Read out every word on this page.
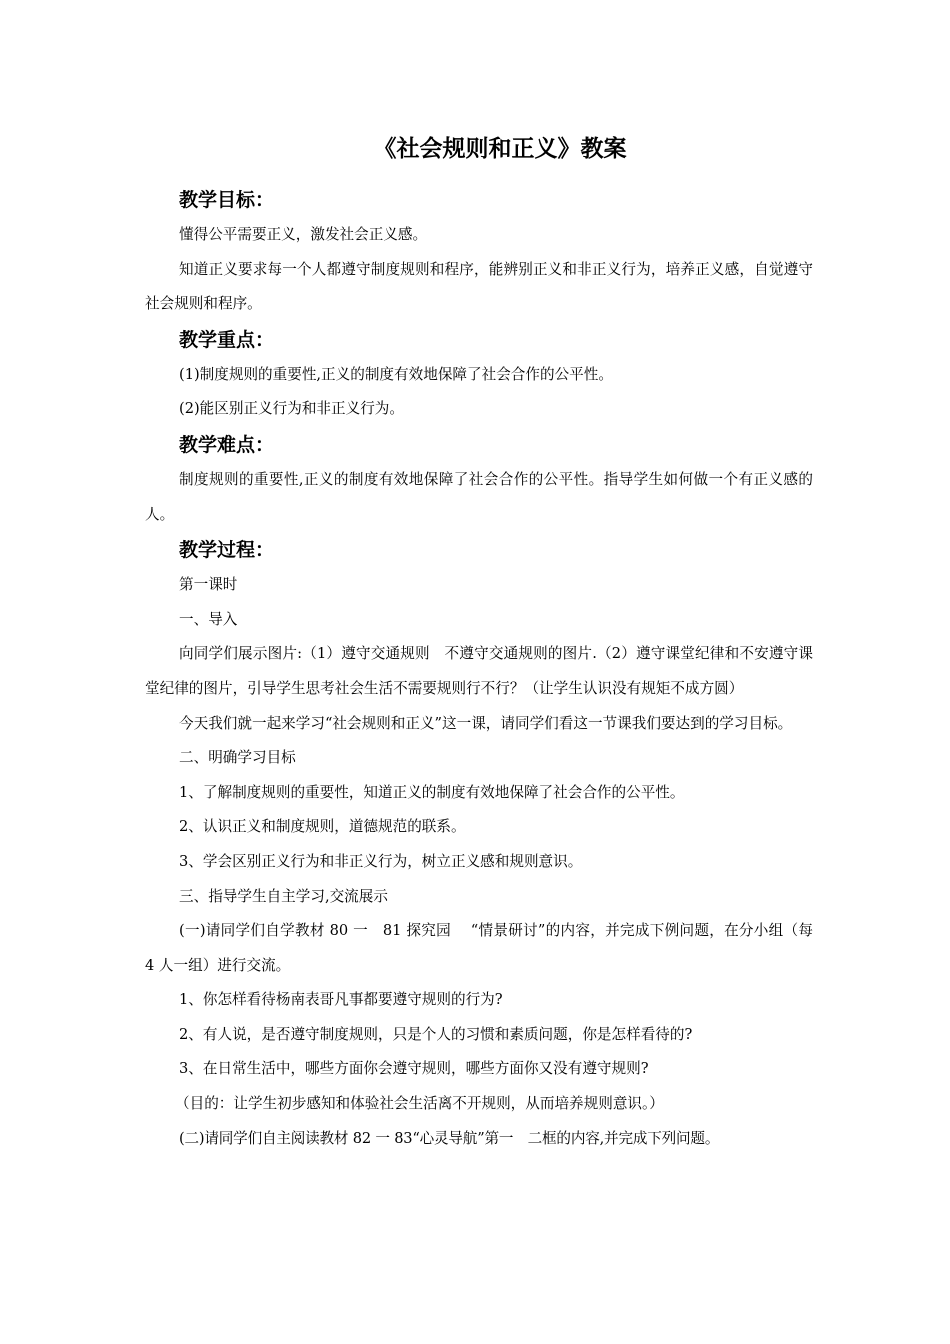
《社会规则和正义》教案
教学目标：

懂得公平需要正义，激发社会正义感。

知道正义要求每一个人都遵守制度规则和程序，能辨别正义和非正义行为，培养正义感，自觉遵守社会规则和程序。

教学重点：

(1)制度规则的重要性,正义的制度有效地保障了社会合作的公平性。

(2)能区别正义行为和非正义行为。

教学难点：

制度规则的重要性,正义的制度有效地保障了社会合作的公平性。指导学生如何做一个有正义感的人。

教学过程：

第一课时

一、导入

向同学们展示图片:（1）遵守交通规则　不遵守交通规则的图片.（2）遵守课堂纪律和不安遵守课堂纪律的图片，引导学生思考社会生活不需要规则行不行？（让学生认识没有规矩不成方圆）

今天我们就一起来学习“社会规则和正义”这一课，请同学们看这一节课我们要达到的学习目标。

二、明确学习目标

1、了解制度规则的重要性，知道正义的制度有效地保障了社会合作的公平性。

2、认识正义和制度规则，道德规范的联系。

3、学会区别正义行为和非正义行为，树立正义感和规则意识。

三、指导学生自主学习,交流展示

(一)请同学们自学教材 80 一　81 探究园　 “情景研讨”的内容，并完成下例问题，在分小组（每 4 人一组）进行交流。

1、你怎样看待杨南表哥凡事都要遵守规则的行为?

2、有人说，是否遵守制度规则，只是个人的习惯和素质问题，你是怎样看待的?

3、在日常生活中，哪些方面你会遵守规则，哪些方面你又没有遵守规则?

（目的：让学生初步感知和体验社会生活离不开规则，从而培养规则意识。）

(二)请同学们自主阅读教材 82 一 83“心灵导航”第一　二框的内容,并完成下列问题。
